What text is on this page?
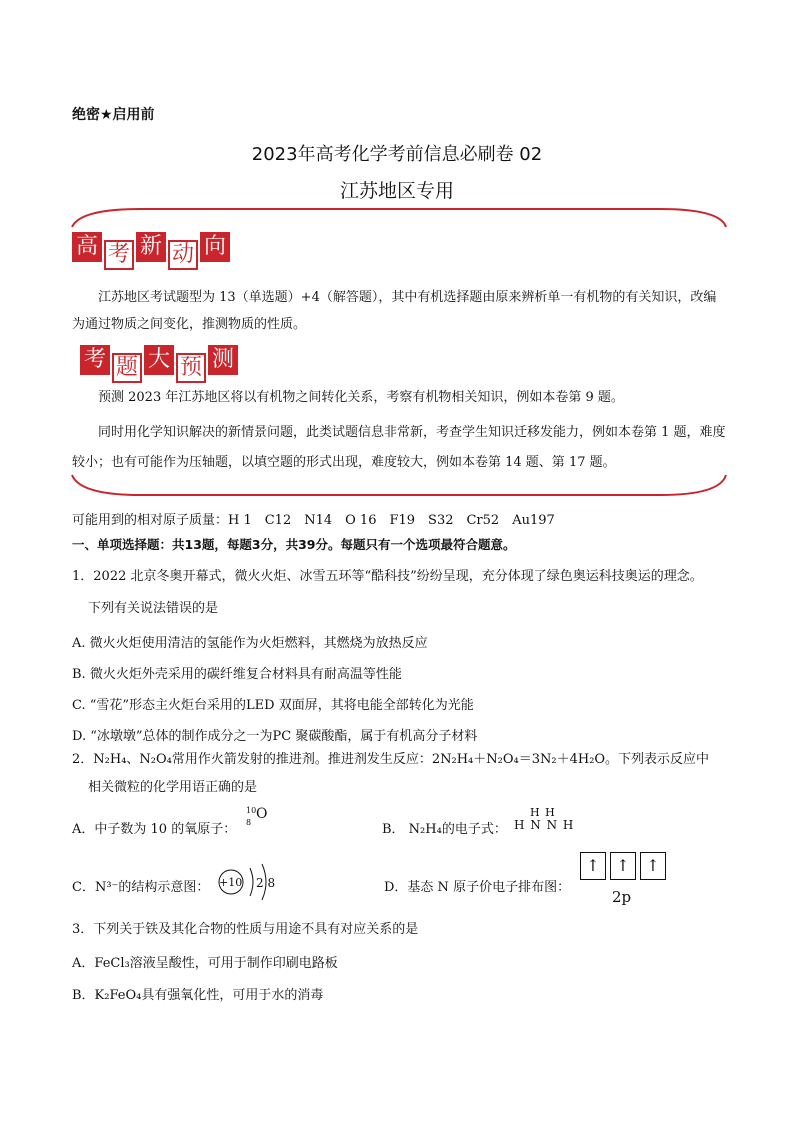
绝密★启用前
2023年高考化学考前信息必刷卷 02
江苏地区专用
高 考 新 动 向
江苏地区考试题型为 13（单选题）+4（解答题），其中有机选择题由原来辨析单一有机物的有关知识，改编为通过物质之间变化，推测物质的性质。
考 题 大 预 测
预测 2023 年江苏地区将以有机物之间转化关系，考察有机物相关知识，例如本卷第 9 题。
同时用化学知识解决的新情景问题，此类试题信息非常新，考查学生知识迁移发能力，例如本卷第 1 题，难度较小；也有可能作为压轴题，以填空题的形式出现，难度较大，例如本卷第 14 题、第 17 题。
可能用到的相对原子质量：H 1　C12　N14　O 16　F19　S32　Cr52　Au197
一、单项选择题：共13题，每题3分，共39分。每题只有一个选项最符合题意。
1．2022 北京冬奥开幕式，微火火炬、冰雪五环等“酷科技”纷纷呈现，充分体现了绿色奥运科技奥运的理念。
下列有关说法错误的是
A. 微火火炬使用清洁的氢能作为火炬燃料，其燃烧为放热反应
B. 微火火炬外壳采用的碳纤维复合材料具有耐高温等性能
C. “雪花”形态主火炬台采用的LED 双面屏，其将电能全部转化为光能
D. “冰墩墩”总体的制作成分之一为PC 聚碳酸酯，属于有机高分子材料
2．N₂H₄、N₂O₄常用作火箭发射的推进剂。推进剂发生反应：2N₂H₄＋N₂O₄＝3N₂＋4H₂O。下列表示反应中
相关微粒的化学用语正确的是
A．中子数为 10 的氧原子：
10
8
O
B． N₂H₄的电子式：
H H
H N N H
C．N³⁻的结构示意图： +10 2 8	D．基态 N 原子价电子排布图：
↑	↑	↑
2p
3．下列关于铁及其化合物的性质与用途不具有对应关系的是
A．FeCl₃溶液呈酸性，可用于制作印刷电路板
B．K₂FeO₄具有强氧化性，可用于水的消毒
